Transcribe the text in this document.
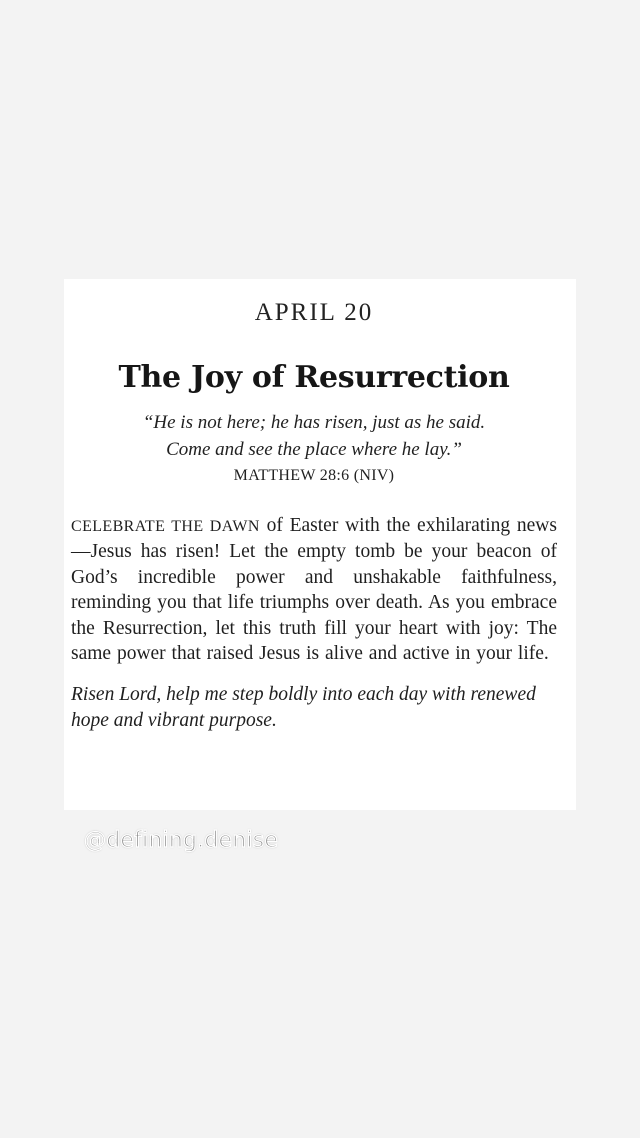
APRIL 20
The Joy of Resurrection
“He is not here; he has risen, just as he said.
Come and see the place where he lay.”
MATTHEW 28:6 (NIV)
CELEBRATE THE DAWN of Easter with the exhilarating news—Jesus has risen! Let the empty tomb be your beacon of God’s incredible power and unshakable faithfulness, reminding you that life triumphs over death. As you embrace the Resurrection, let this truth fill your heart with joy: The same power that raised Jesus is alive and active in your life.
Risen Lord, help me step boldly into each day with renewed hope and vibrant purpose.
@defining.denise
